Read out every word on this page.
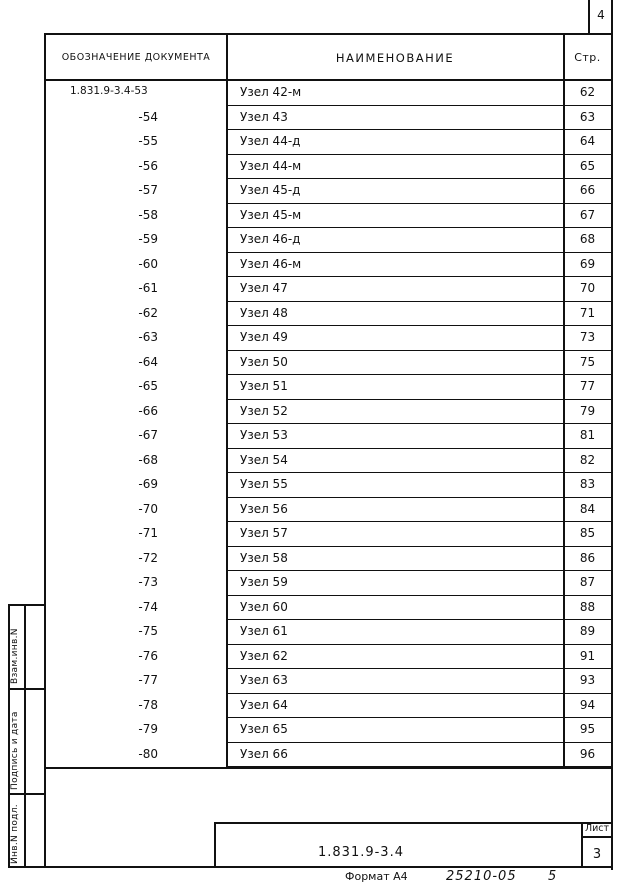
4
ОБОЗНАЧЕНИЕ ДОКУМЕНТА	НАИМЕНОВАНИЕ	Стр.
1.831.9-3.4-53	Узел 42-м	62
-54	Узел 43	63
-55	Узел 44-д	64
-56	Узел 44-м	65
-57	Узел 45-д	66
-58	Узел 45-м	67
-59	Узел 46-д	68
-60	Узел 46-м	69
-61	Узел 47	70
-62	Узел 48	71
-63	Узел 49	73
-64	Узел 50	75
-65	Узел 51	77
-66	Узел 52	79
-67	Узел 53	81
-68	Узел 54	82
-69	Узел 55	83
-70	Узел 56	84
-71	Узел 57	85
-72	Узел 58	86
-73	Узел 59	87
-74	Узел 60	88
-75	Узел 61	89
-76	Узел 62	91
-77	Узел 63	93
-78	Узел 64	94
-79	Узел 65	95
-80	Узел 66	96
Взам.инв.N
Подпись и дата
Инв.N подл.	1.831.9-3.4
Лист
3
Формат А4	25210-05 5
